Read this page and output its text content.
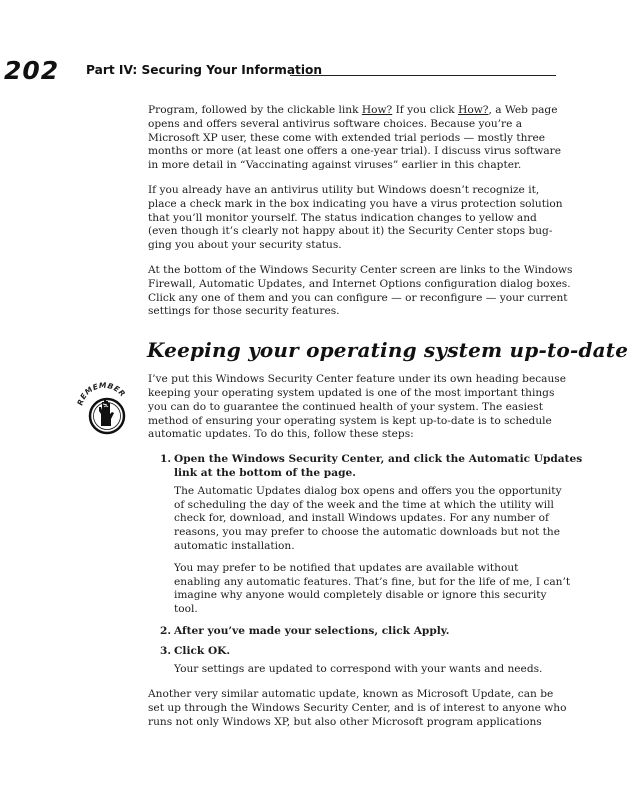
202 Part IV: Securing Your Information
REMEMBER

Program, followed by the clickable link How? If you click How?, a Web page
opens and offers several antivirus software choices. Because you’re a
Microsoft XP user, these come with extended trial periods — mostly three
months or more (at least one offers a one-year trial). I discuss virus software
in more detail in “Vaccinating against viruses” earlier in this chapter.

If you already have an antivirus utility but Windows doesn’t recognize it,
place a check mark in the box indicating you have a virus protection solution
that you’ll monitor yourself. The status indication changes to yellow and
(even though it’s clearly not happy about it) the Security Center stops bug-
ging you about your security status.

At the bottom of the Windows Security Center screen are links to the Windows
Firewall, Automatic Updates, and Internet Options configuration dialog boxes.
Click any one of them and you can configure — or reconfigure — your current
settings for those security features.

Keeping your operating system up-to-date

I’ve put this Windows Security Center feature under its own heading because
keeping your operating system updated is one of the most important things
you can do to guarantee the continued health of your system. The easiest
method of ensuring your operating system is kept up-to-date is to schedule
automatic updates. To do this, follow these steps:

1. Open the Windows Security Center, and click the Automatic Updates
link at the bottom of the page.

The Automatic Updates dialog box opens and offers you the opportunity
of scheduling the day of the week and the time at which the utility will
check for, download, and install Windows updates. For any number of
reasons, you may prefer to choose the automatic downloads but not the
automatic installation.

You may prefer to be notified that updates are available without
enabling any automatic features. That’s fine, but for the life of me, I can’t
imagine why anyone would completely disable or ignore this security
tool.

2. After you’ve made your selections, click Apply.
3. Click OK.

Your settings are updated to correspond with your wants and needs.

Another very similar automatic update, known as Microsoft Update, can be
set up through the Windows Security Center, and is of interest to anyone who
runs not only Windows XP, but also other Microsoft program applications
